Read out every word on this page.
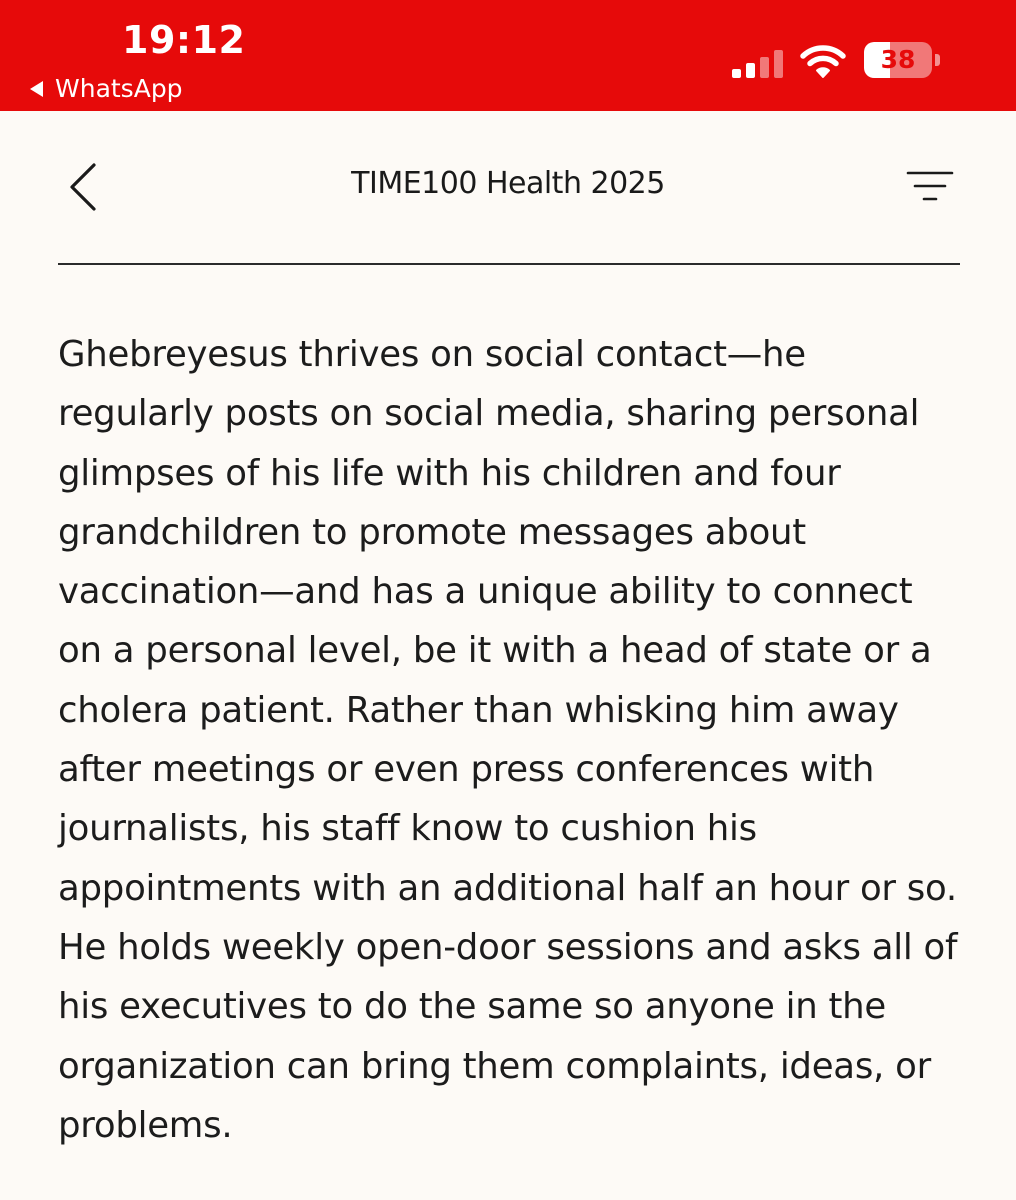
19:12
WhatsApp
38
TIME100 Health 2025

Ghebreyesus thrives on social contact—he regularly posts on social media, sharing personal glimpses of his life with his children and four grandchildren to promote messages about vaccination—and has a unique ability to connect on a personal level, be it with a head of state or a cholera patient. Rather than whisking him away after meetings or even press conferences with journalists, his staff know to cushion his appointments with an additional half an hour or so. He holds weekly open-door sessions and asks all of his executives to do the same so anyone in the organization can bring them complaints, ideas, or problems.
